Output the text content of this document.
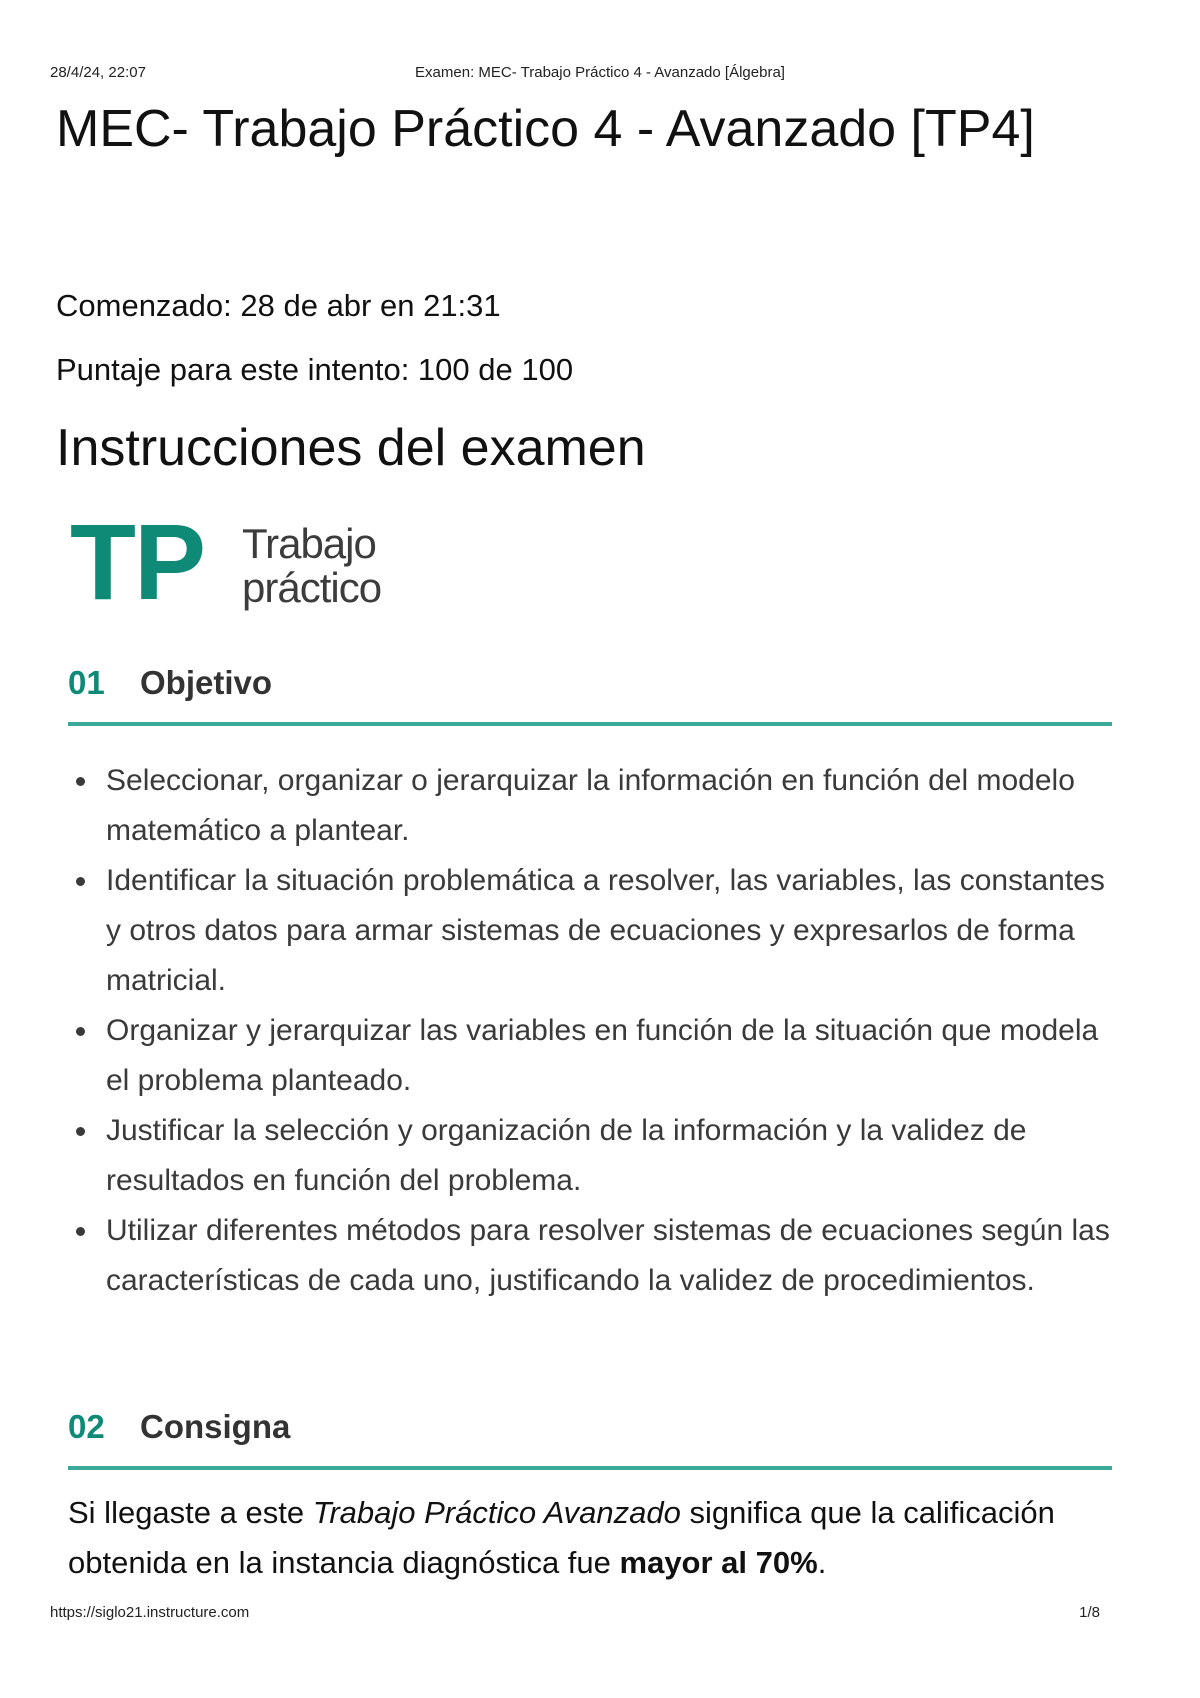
28/4/24, 22:07	Examen: MEC- Trabajo Práctico 4 - Avanzado [Álgebra]
MEC- Trabajo Práctico 4 - Avanzado [TP4]
Comenzado: 28 de abr en 21:31
Puntaje para este intento: 100 de 100
Instrucciones del examen
TP Trabajo
práctico
01 Objetivo
Seleccionar, organizar o jerarquizar la información en función del modelo matemático a plantear.
Identificar la situación problemática a resolver, las variables, las constantes y otros datos para armar sistemas de ecuaciones y expresarlos de forma matricial.
Organizar y jerarquizar las variables en función de la situación que modela el problema planteado.
Justificar la selección y organización de la información y la validez de resultados en función del problema.
Utilizar diferentes métodos para resolver sistemas de ecuaciones según las características de cada uno, justificando la validez de procedimientos.
02 Consigna

Si llegaste a este Trabajo Práctico Avanzado significa que la calificación obtenida en la instancia diagnóstica fue mayor al 70%.

https://siglo21.instructure.com	1/8
